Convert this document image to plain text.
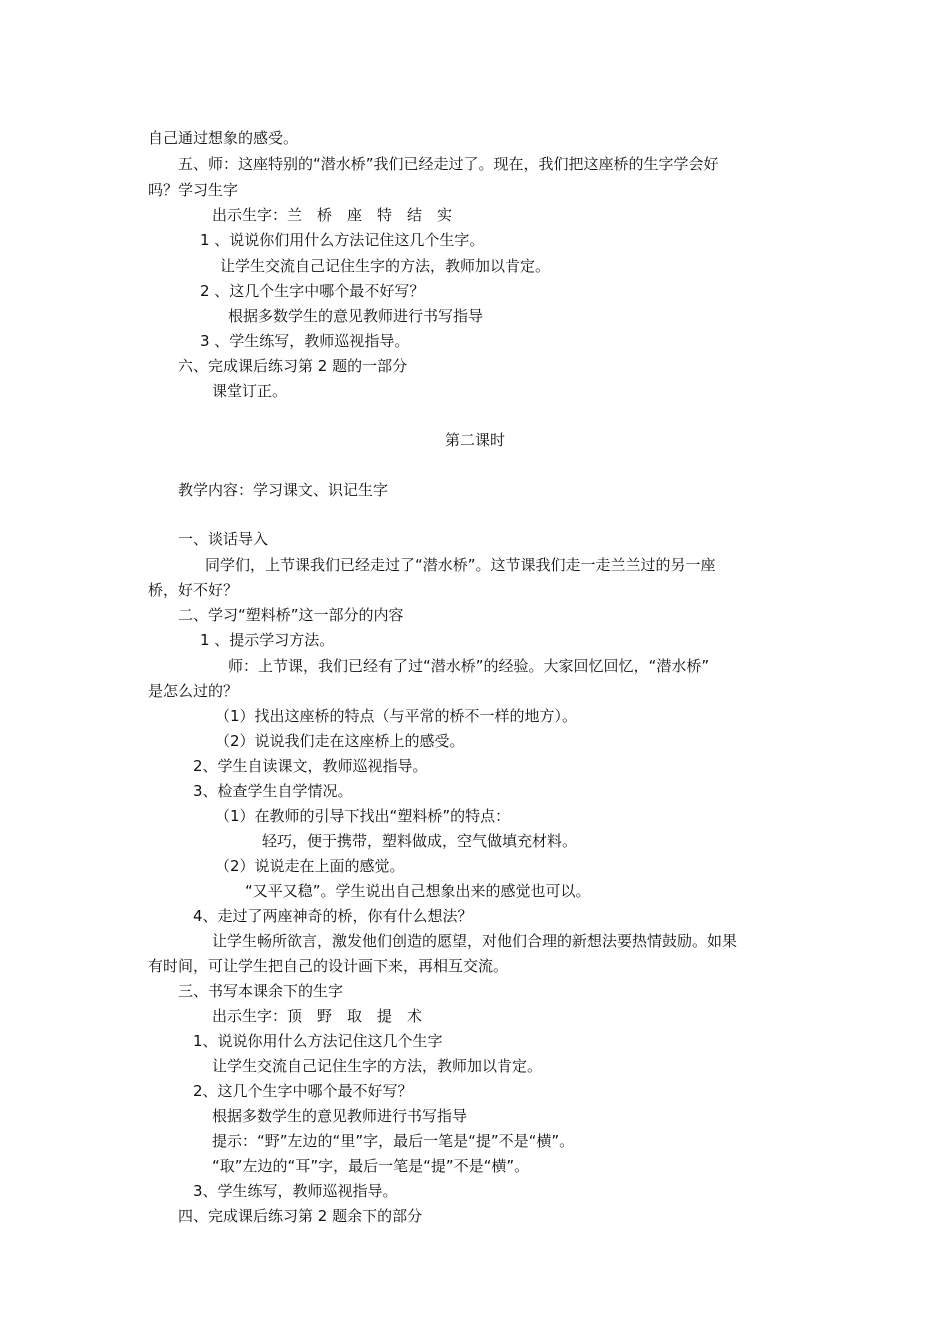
自己通过想象的感受。
五、师：这座特别的“潜水桥”我们已经走过了。现在，我们把这座桥的生字学会好
吗？学习生字
出示生字：兰　桥　座　特　结　实
1 、说说你们用什么方法记住这几个生字。
让学生交流自己记住生字的方法，教师加以肯定。
2 、这几个生字中哪个最不好写？
根据多数学生的意见教师进行书写指导
3 、学生练写，教师巡视指导。
六、完成课后练习第 2 题的一部分
课堂订正。
第二课时
教学内容：学习课文、识记生字
一、谈话导入
同学们，上节课我们已经走过了“潜水桥”。这节课我们走一走兰兰过的另一座
桥，好不好？
二、学习“塑料桥”这一部分的内容
1 、提示学习方法。
师：上节课，我们已经有了过“潜水桥”的经验。大家回忆回忆，“潜水桥”
是怎么过的？
（1）找出这座桥的特点（与平常的桥不一样的地方）。
（2）说说我们走在这座桥上的感受。
2、学生自读课文，教师巡视指导。
3、检查学生自学情况。
（1）在教师的引导下找出“塑料桥”的特点：
轻巧，便于携带，塑料做成，空气做填充材料。
（2）说说走在上面的感觉。
“又平又稳”。学生说出自己想象出来的感觉也可以。
4、走过了两座神奇的桥，你有什么想法？
让学生畅所欲言，激发他们创造的愿望，对他们合理的新想法要热情鼓励。如果
有时间，可让学生把自己的设计画下来，再相互交流。
三、书写本课余下的生字
出示生字：顶　野　取　提　术
1、说说你用什么方法记住这几个生字
让学生交流自己记住生字的方法，教师加以肯定。
2、这几个生字中哪个最不好写？
根据多数学生的意见教师进行书写指导
提示：“野”左边的“里”字，最后一笔是“提”不是“横”。
“取”左边的“耳”字，最后一笔是“提”不是“横”。
3、学生练写，教师巡视指导。
四、完成课后练习第 2 题余下的部分
